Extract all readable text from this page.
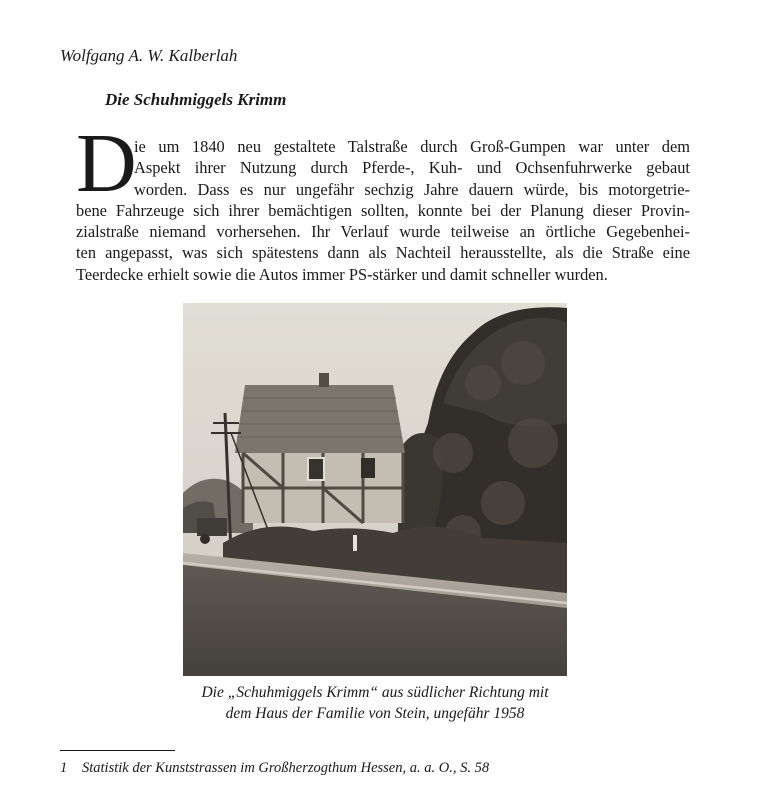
Wolfgang A. W. Kalberlah
Die Schuhmiggels Krimm
D
ie um 1840 neu gestaltete Talstraße durch Groß-Gumpen war unter dem
Aspekt ihrer Nutzung durch Pferde-, Kuh- und Ochsenfuhrwerke gebaut
worden. Dass es nur ungefähr sechzig Jahre dauern würde, bis motorgetrie-
bene Fahrzeuge sich ihrer bemächtigen sollten, konnte bei der Planung dieser Provin-
zialstraße niemand vorhersehen. Ihr Verlauf wurde teilweise an örtliche Gegebenhei-
ten angepasst, was sich spätestens dann als Nachteil herausstellte, als die Straße eine
Teerdecke erhielt sowie die Autos immer PS-stärker und damit schneller wurden.
Die „Schuhmiggels Krimm“ aus südlicher Richtung mit
dem Haus der Familie von Stein, ungefähr 1958
1 Statistik der Kunststrassen im Großherzogthum Hessen, a. a. O., S. 58
